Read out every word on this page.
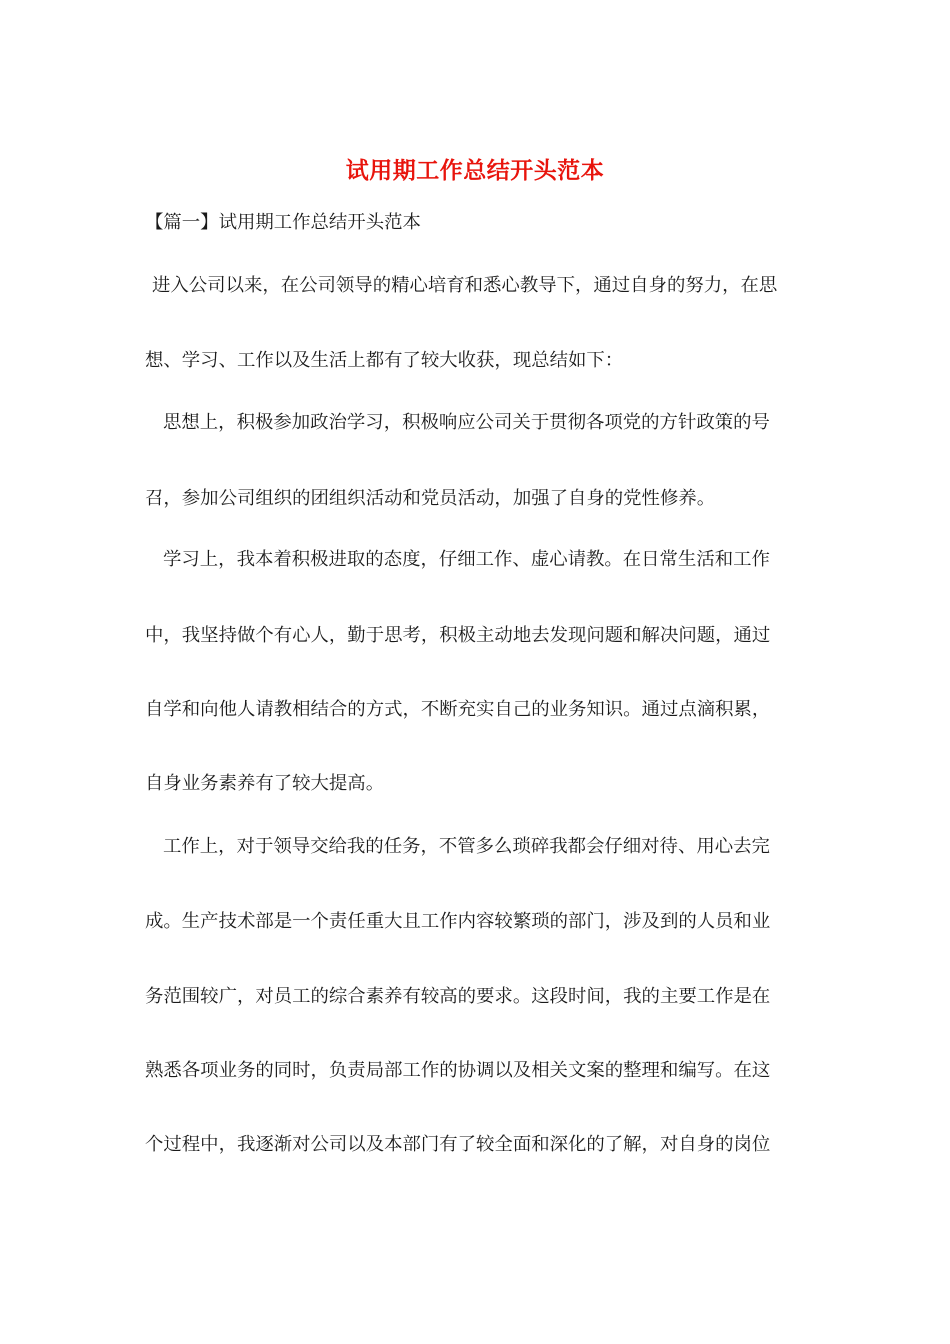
试用期工作总结开头范本
【篇一】试用期工作总结开头范本
进入公司以来，在公司领导的精心培育和悉心教导下，通过自身的努力，在思
想、学习、工作以及生活上都有了较大收获，现总结如下：
思想上，积极参加政治学习，积极响应公司关于贯彻各项党的方针政策的号
召，参加公司组织的团组织活动和党员活动，加强了自身的党性修养。
学习上，我本着积极进取的态度，仔细工作、虚心请教。在日常生活和工作
中，我坚持做个有心人，勤于思考，积极主动地去发现问题和解决问题，通过
自学和向他人请教相结合的方式，不断充实自己的业务知识。通过点滴积累，
自身业务素养有了较大提高。
工作上，对于领导交给我的任务，不管多么琐碎我都会仔细对待、用心去完
成。生产技术部是一个责任重大且工作内容较繁琐的部门，涉及到的人员和业
务范围较广，对员工的综合素养有较高的要求。这段时间，我的主要工作是在
熟悉各项业务的同时，负责局部工作的协调以及相关文案的整理和编写。在这
个过程中，我逐渐对公司以及本部门有了较全面和深化的了解，对自身的岗位
